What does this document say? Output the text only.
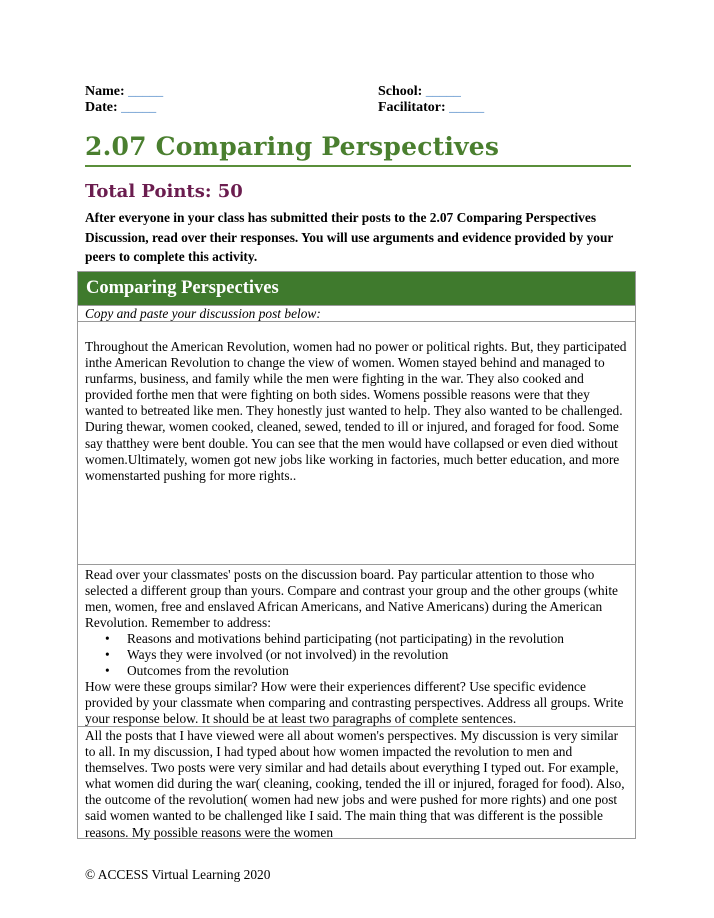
Name: _____
Date: _____
School: _____
Facilitator: _____
2.07 Comparing Perspectives
Total Points: 50
After everyone in your class has submitted their posts to the 2.07 Comparing Perspectives Discussion, read over their responses. You will use arguments and evidence provided by your peers to complete this activity.
Comparing Perspectives
Copy and paste your discussion post below:
Throughout the American Revolution, women had no power or political rights. But, they participated inthe American Revolution to change the view of women. Women stayed behind and managed to runfarms, business, and family while the men were fighting in the war. They also cooked and provided forthe men that were fighting on both sides. Womens possible reasons were that they wanted to betreated like men. They honestly just wanted to help. They also wanted to be challenged. During thewar, women cooked, cleaned, sewed, tended to ill or injured, and foraged for food. Some say thatthey were bent double. You can see that the men would have collapsed or even died without women.Ultimately, women got new jobs like working in factories, much better education, and more womenstarted pushing for more rights..
Read over your classmates' posts on the discussion board. Pay particular attention to those who selected a different group than yours. Compare and contrast your group and the other groups (white men, women, free and enslaved African Americans, and Native Americans) during the American Revolution. Remember to address:
• Reasons and motivations behind participating (not participating) in the revolution
• Ways they were involved (or not involved) in the revolution
• Outcomes from the revolution
How were these groups similar? How were their experiences different? Use specific evidence provided by your classmate when comparing and contrasting perspectives. Address all groups. Write your response below. It should be at least two paragraphs of complete sentences.
All the posts that I have viewed were all about women's perspectives. My discussion is very similar to all. In my discussion, I had typed about how women impacted the revolution to men and themselves. Two posts were very similar and had details about everything I typed out. For example, what women did during the war( cleaning, cooking, tended the ill or injured, foraged for food). Also, the outcome of the revolution( women had new jobs and were pushed for more rights) and one post said women wanted to be challenged like I said. The main thing that was different is the possible reasons. My possible reasons were the women
© ACCESS Virtual Learning 2020
